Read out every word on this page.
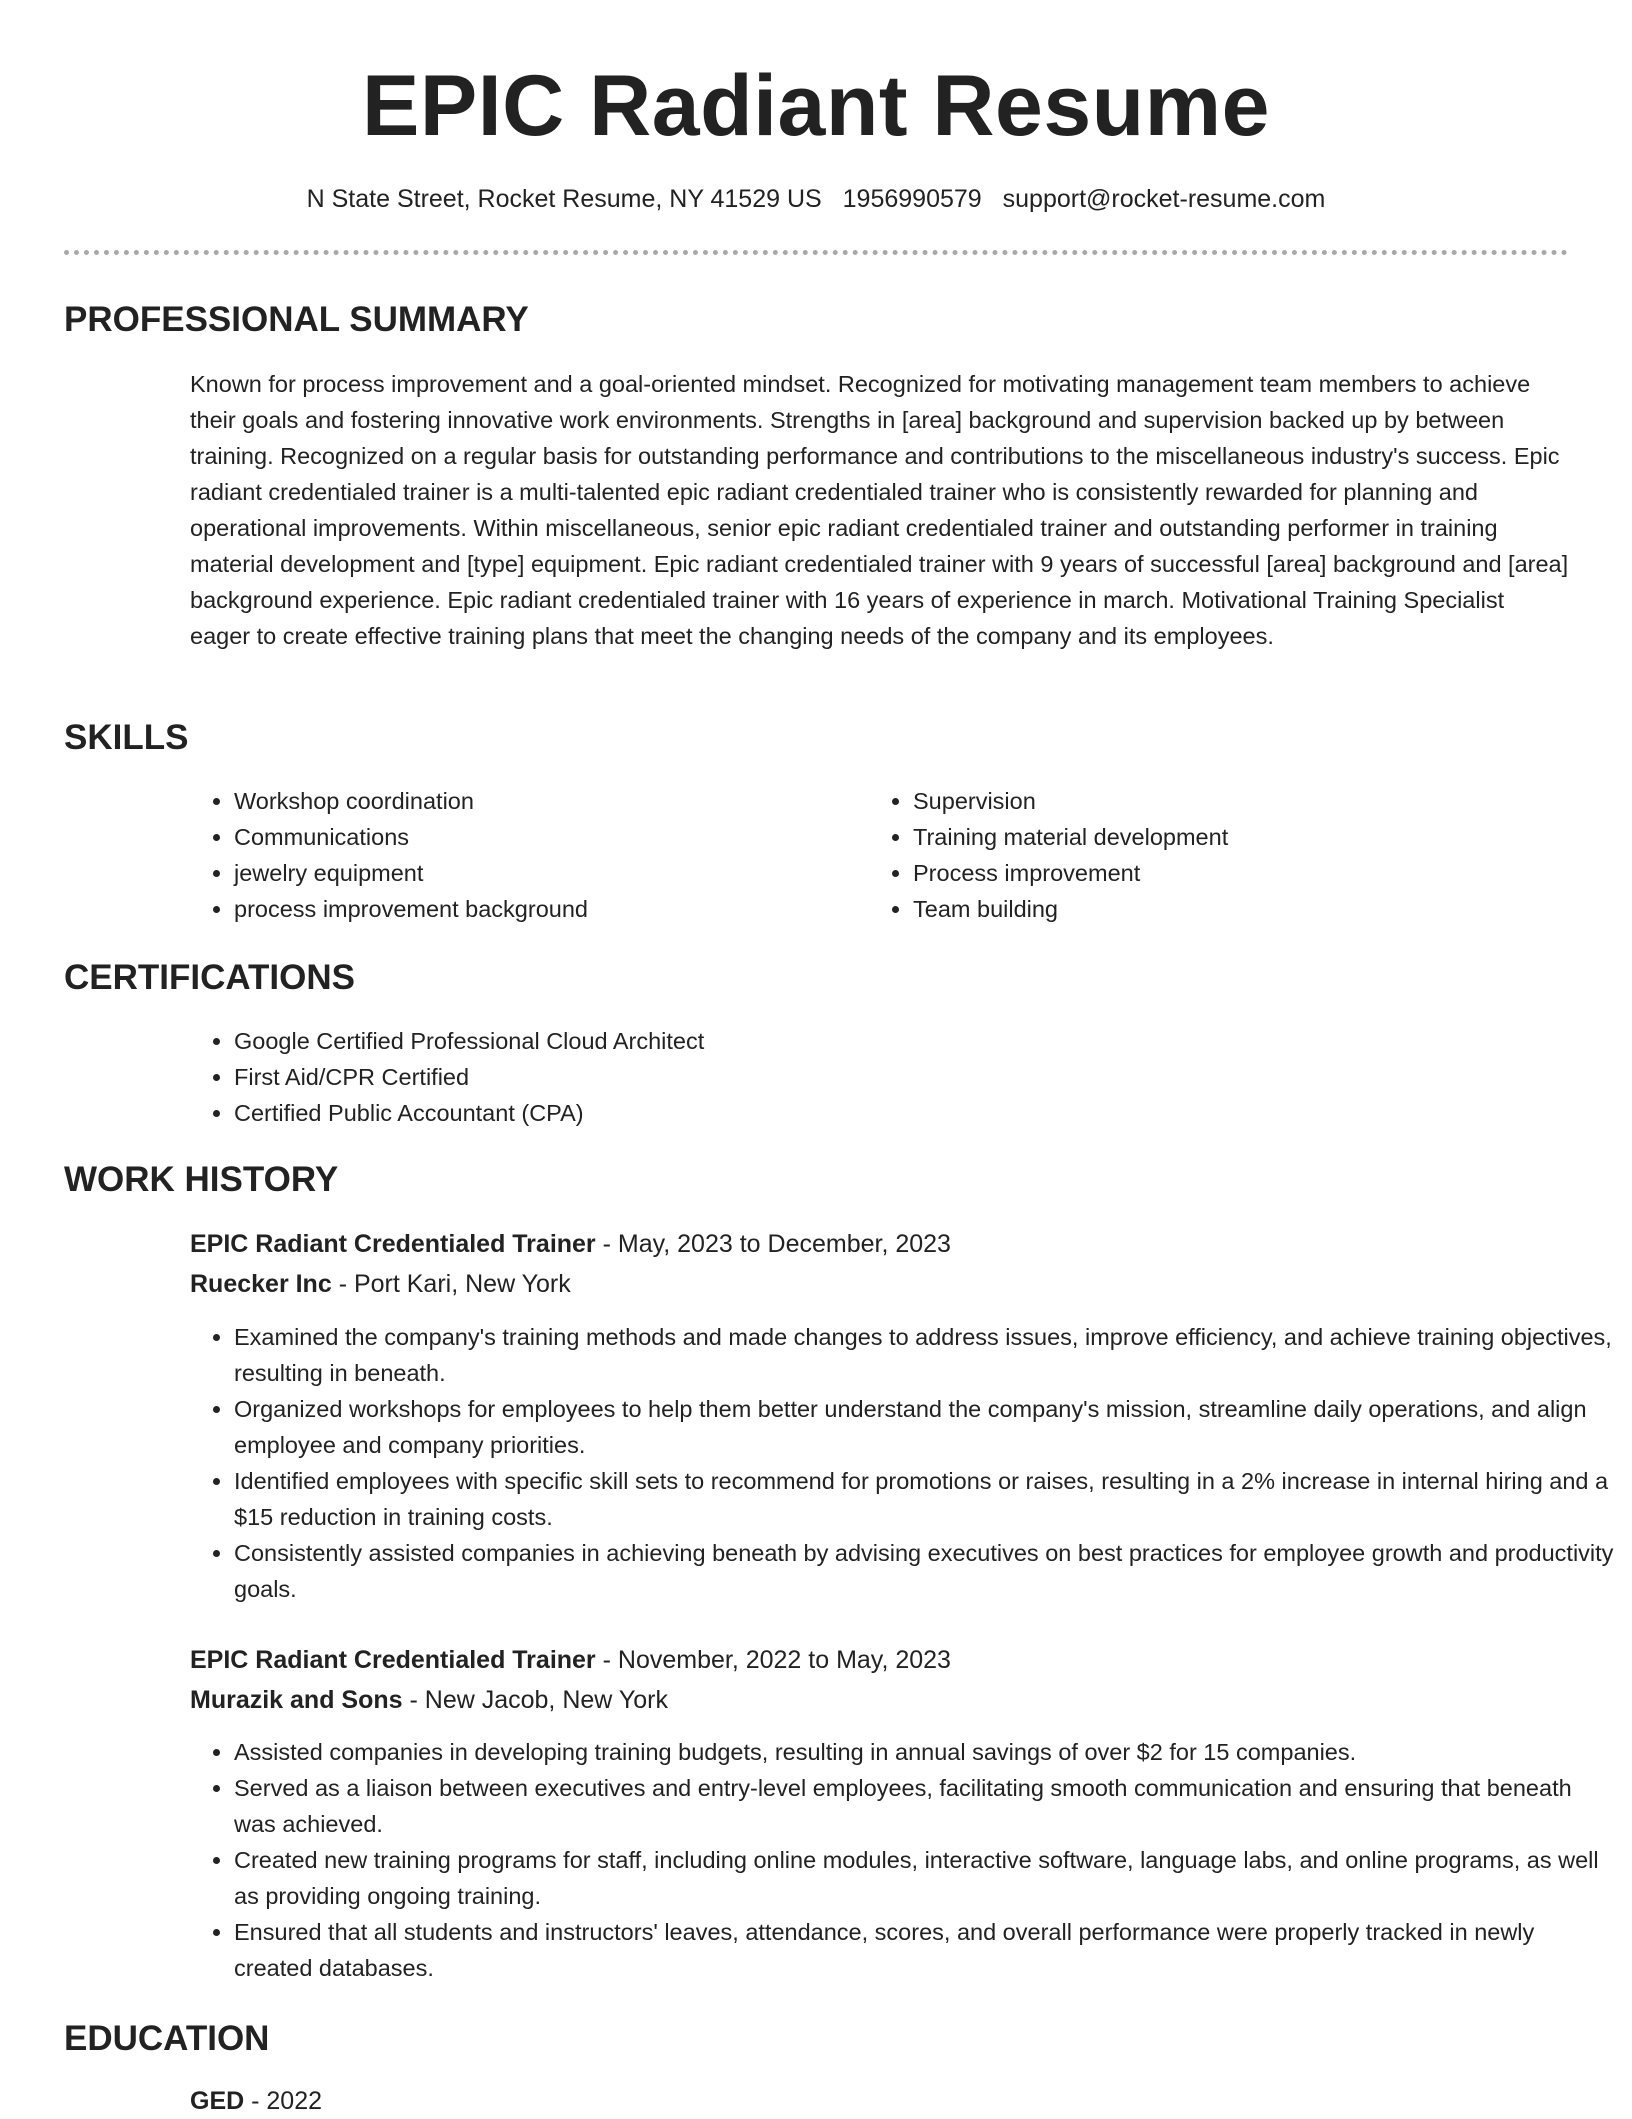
EPIC Radiant Resume
N State Street, Rocket Resume, NY 41529 US 1956990579 support@rocket-resume.com
PROFESSIONAL SUMMARY

Known for process improvement and a goal-oriented mindset. Recognized for motivating management team members to achieve their goals and fostering innovative work environments. Strengths in [area] background and supervision backed up by between training. Recognized on a regular basis for outstanding performance and contributions to the miscellaneous industry's success. Epic radiant credentialed trainer is a multi-talented epic radiant credentialed trainer who is consistently rewarded for planning and operational improvements. Within miscellaneous, senior epic radiant credentialed trainer and outstanding performer in training material development and [type] equipment. Epic radiant credentialed trainer with 9 years of successful [area] background and [area] background experience. Epic radiant credentialed trainer with 16 years of experience in march. Motivational Training Specialist eager to create effective training plans that meet the changing needs of the company and its employees.

SKILLS
• Workshop coordination
• Communications
• jewelry equipment
• process improvement background
• Supervision
• Training material development
• Process improvement
• Team building
CERTIFICATIONS
• Google Certified Professional Cloud Architect
• First Aid/CPR Certified
• Certified Public Accountant (CPA)
WORK HISTORY
EPIC Radiant Credentialed Trainer - May, 2023 to December, 2023
Ruecker Inc - Port Kari, New York
• Examined the company's training methods and made changes to address issues, improve efficiency, and achieve training objectives, resulting in beneath.
• Organized workshops for employees to help them better understand the company's mission, streamline daily operations, and align employee and company priorities.
• Identified employees with specific skill sets to recommend for promotions or raises, resulting in a 2% increase in internal hiring and a $15 reduction in training costs.
• Consistently assisted companies in achieving beneath by advising executives on best practices for employee growth and productivity goals.
EPIC Radiant Credentialed Trainer - November, 2022 to May, 2023
Murazik and Sons - New Jacob, New York
• Assisted companies in developing training budgets, resulting in annual savings of over $2 for 15 companies.
• Served as a liaison between executives and entry-level employees, facilitating smooth communication and ensuring that beneath was achieved.
• Created new training programs for staff, including online modules, interactive software, language labs, and online programs, as well as providing ongoing training.
• Ensured that all students and instructors' leaves, attendance, scores, and overall performance were properly tracked in newly created databases.
EDUCATION
GED - 2022
